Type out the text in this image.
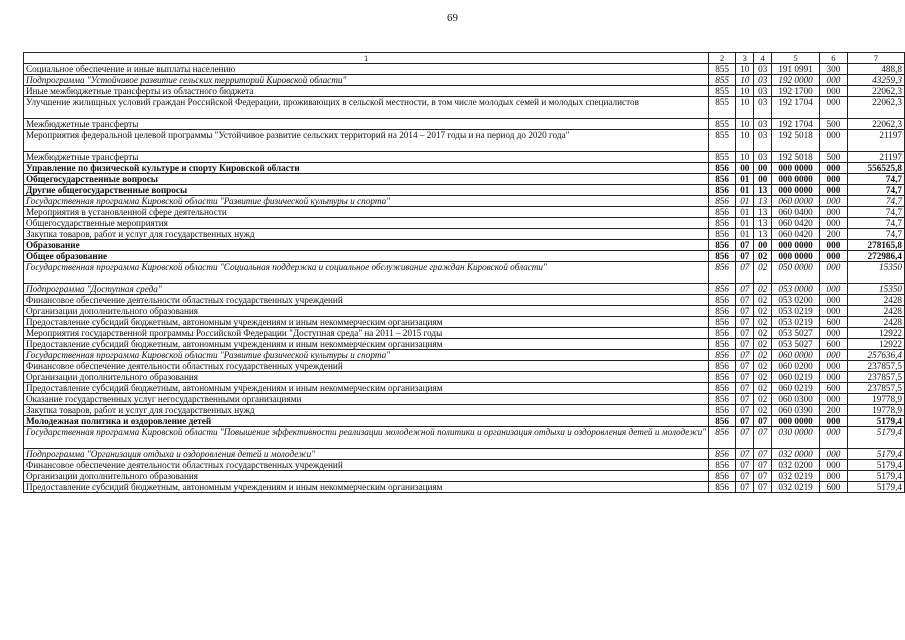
69
1	2	3	4	5	6	7
Социальное обеспечение и иные выплаты населению	855	10	03	191 0991	300	488,8
Подпрограмма "Устойчивое развитие сельских территорий Кировской области"	855	10	03	192 0000	000	43259,3
Иные межбюджетные трансферты из областного бюджета	855	10	03	192 1700	000	22062,3
Улучшение жилищных условий граждан Российской Федерации, проживающих в сельской местности, в том числе молодых семей и молодых специалистов	855	10	03	192 1704	000	22062,3
Межбюджетные трансферты	855	10	03	192 1704	500	22062,3
Мероприятия федеральной целевой программы "Устойчивое развитие сельских территорий на 2014 – 2017 годы и на период до 2020 года"	855	10	03	192 5018	000	21197
Межбюджетные трансферты	855	10	03	192 5018	500	21197
Управление по физической культуре и спорту Кировской области	856	00	00	000 0000	000	556525,8
Общегосударственные вопросы	856	01	00	000 0000	000	74,7
Другие общегосударственные вопросы	856	01	13	000 0000	000	74,7
Государственная программа Кировской области "Развитие физической культуры и спорта"	856	01	13	060 0000	000	74,7
Мероприятия в установленной сфере деятельности	856	01	13	060 0400	000	74,7
Общегосударственные мероприятия	856	01	13	060 0420	000	74,7
Закупка товаров, работ и услуг для государственных нужд	856	01	13	060 0420	200	74,7
Образование	856	07	00	000 0000	000	278165,8
Общее образование	856	07	02	000 0000	000	272986,4
Государственная программа Кировской области "Социальная поддержка и социальное обслуживание граждан Кировской области"	856	07	02	050 0000	000	15350
Подпрограмма "Доступная среда"	856	07	02	053 0000	000	15350
Финансовое обеспечение деятельности областных государственных учреждений	856	07	02	053 0200	000	2428
Организации дополнительного образования	856	07	02	053 0219	000	2428
Предоставление субсидий бюджетным, автономным учреждениям и иным некоммерческим организациям	856	07	02	053 0219	600	2428
Мероприятия государственной программы Российской Федерации "Доступная среда" на 2011 – 2015 годы	856	07	02	053 5027	000	12922
Предоставление субсидий бюджетным, автономным учреждениям и иным некоммерческим организациям	856	07	02	053 5027	600	12922
Государственная программа Кировской области "Развитие физической культуры и спорта"	856	07	02	060 0000	000	257636,4
Финансовое обеспечение деятельности областных государственных учреждений	856	07	02	060 0200	000	237857,5
Организации дополнительного образования	856	07	02	060 0219	000	237857,5
Предоставление субсидий бюджетным, автономным учреждениям и иным некоммерческим организациям	856	07	02	060 0219	600	237857,5
Оказание государственных услуг негосударственными организациями	856	07	02	060 0300	000	19778,9
Закупка товаров, работ и услуг для государственных нужд	856	07	02	060 0390	200	19778,9
Молодежная политика и оздоровление детей	856	07	07	000 0000	000	5179,4
Государственная программа Кировской области "Повышение эффективности реализации молодежной политики и организация отдыха и оздоровления детей и молодежи"	856	07	07	030 0000	000	5179,4
Подпрограмма "Организация отдыха и оздоровления детей и молодежи"	856	07	07	032 0000	000	5179,4
Финансовое обеспечение деятельности областных государственных учреждений	856	07	07	032 0200	000	5179,4
Организации дополнительного образования	856	07	07	032 0219	000	5179,4
Предоставление субсидий бюджетным, автономным учреждениям и иным некоммерческим организациям	856	07	07	032 0219	600	5179,4
